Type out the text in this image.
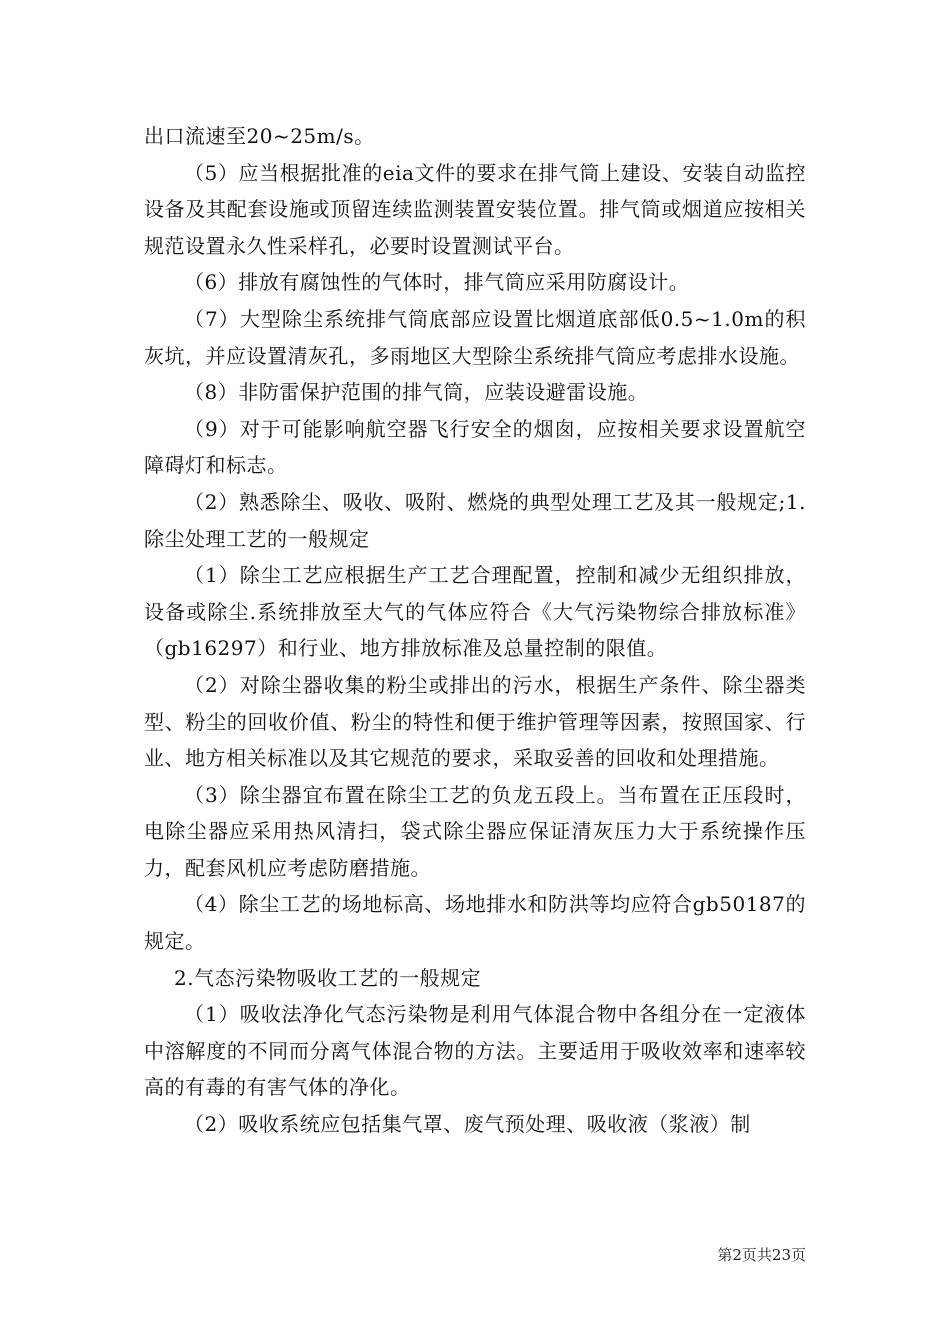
出口流速至20~25m/s。

（5）应当根据批准的eia文件的要求在排气筒上建设、安装自动监控设备及其配套设施或顶留连续监测装置安装位置。排气筒或烟道应按相关规范设置永久性采样孔，必要时设置测试平台。

（6）排放有腐蚀性的气体时，排气筒应采用防腐设计。

（7）大型除尘系统排气筒底部应设置比烟道底部低0.5~1.0m的积灰坑，并应设置清灰孔，多雨地区大型除尘系统排气筒应考虑排水设施。

（8）非防雷保护范围的排气筒，应装设避雷设施。

（9）对于可能影响航空器飞行安全的烟囱，应按相关要求设置航空障碍灯和标志。

（2）熟悉除尘、吸收、吸附、燃烧的典型处理工艺及其一般规定;1.除尘处理工艺的一般规定

（1）除尘工艺应根据生产工艺合理配置，控制和减少无组织排放，设备或除尘.系统排放至大气的气体应符合《大气污染物综合排放标准》（gb16297）和行业、地方排放标准及总量控制的限值。

（2）对除尘器收集的粉尘或排出的污水，根据生产条件、除尘器类型、粉尘的回收价值、粉尘的特性和便于维护管理等因素，按照国家、行业、地方相关标准以及其它规范的要求，采取妥善的回收和处理措施。

（3）除尘器宜布置在除尘工艺的负龙五段上。当布置在正压段时，电除尘器应采用热风清扫，袋式除尘器应保证清灰压力大于系统操作压力，配套风机应考虑防磨措施。

（4）除尘工艺的场地标高、场地排水和防洪等均应符合gb50187的规定。

2.气态污染物吸收工艺的一般规定

（1）吸收法净化气态污染物是利用气体混合物中各组分在一定液体中溶解度的不同而分离气体混合物的方法。主要适用于吸收效率和速率较高的有毒的有害气体的净化。

（2）吸收系统应包括集气罩、废气预处理、吸收液（浆液）制

第2页共23页
